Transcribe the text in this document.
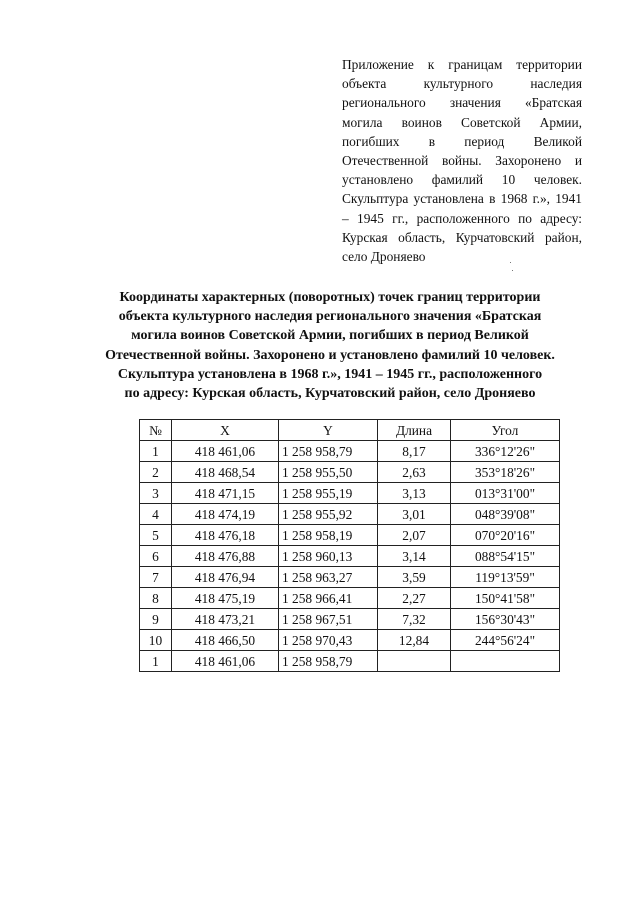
Приложение к границам территории объекта культурного наследия регионального значения «Братская могила воинов Советской Армии, погибших в период Великой Отечественной войны. Захоронено и установлено фамилий 10 человек. Скульптура установлена в 1968 г.», 1941 – 1945 гг., расположенного по адресу: Курская область, Курчатовский район, село Дроняево
Координаты характерных (поворотных) точек границ территории
объекта культурного наследия регионального значения «Братская
могила воинов Советской Армии, погибших в период Великой
Отечественной войны. Захоронено и установлено фамилий 10 человек.
Скульптура установлена в 1968 г.», 1941 – 1945 гг., расположенного
по адресу: Курская область, Курчатовский район, село Дроняево
№	X	Y	Длина	Угол
1	418 461,06	1 258 958,79	8,17	336°12'26"
2	418 468,54	1 258 955,50	2,63	353°18'26"
3	418 471,15	1 258 955,19	3,13	013°31'00"
4	418 474,19	1 258 955,92	3,01	048°39'08"
5	418 476,18	1 258 958,19	2,07	070°20'16"
6	418 476,88	1 258 960,13	3,14	088°54'15"
7	418 476,94	1 258 963,27	3,59	119°13'59"
8	418 475,19	1 258 966,41	2,27	150°41'58"
9	418 473,21	1 258 967,51	7,32	156°30'43"
10	418 466,50	1 258 970,43	12,84	244°56'24"
1	418 461,06	1 258 958,79		
